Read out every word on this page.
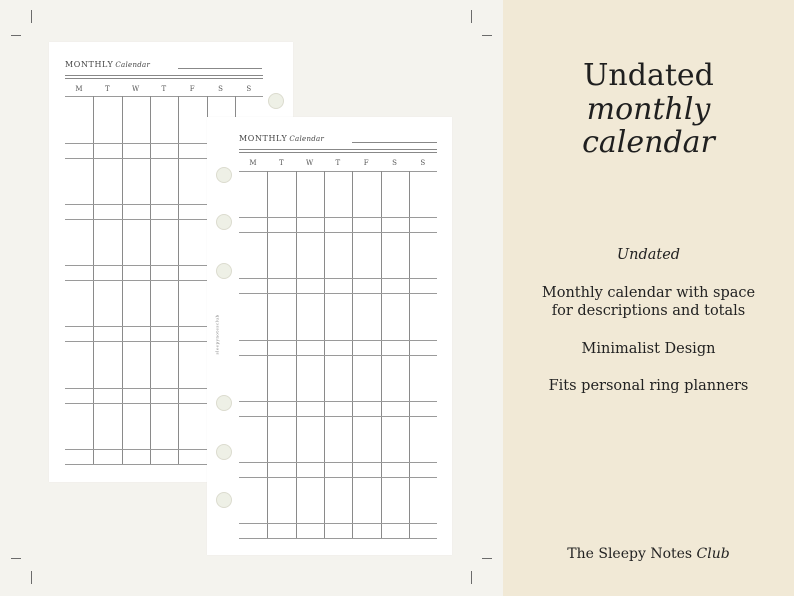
MONTHLY Calendar
M	T	W	T	F	S	S
MONTHLY Calendar
M	T	W	T	F	S	S
sleepynotesclub
Undated
monthly
calendar
Undated
Monthly calendar with space
for descriptions and totals
Minimalist Design
Fits personal ring planners
The Sleepy Notes Club
